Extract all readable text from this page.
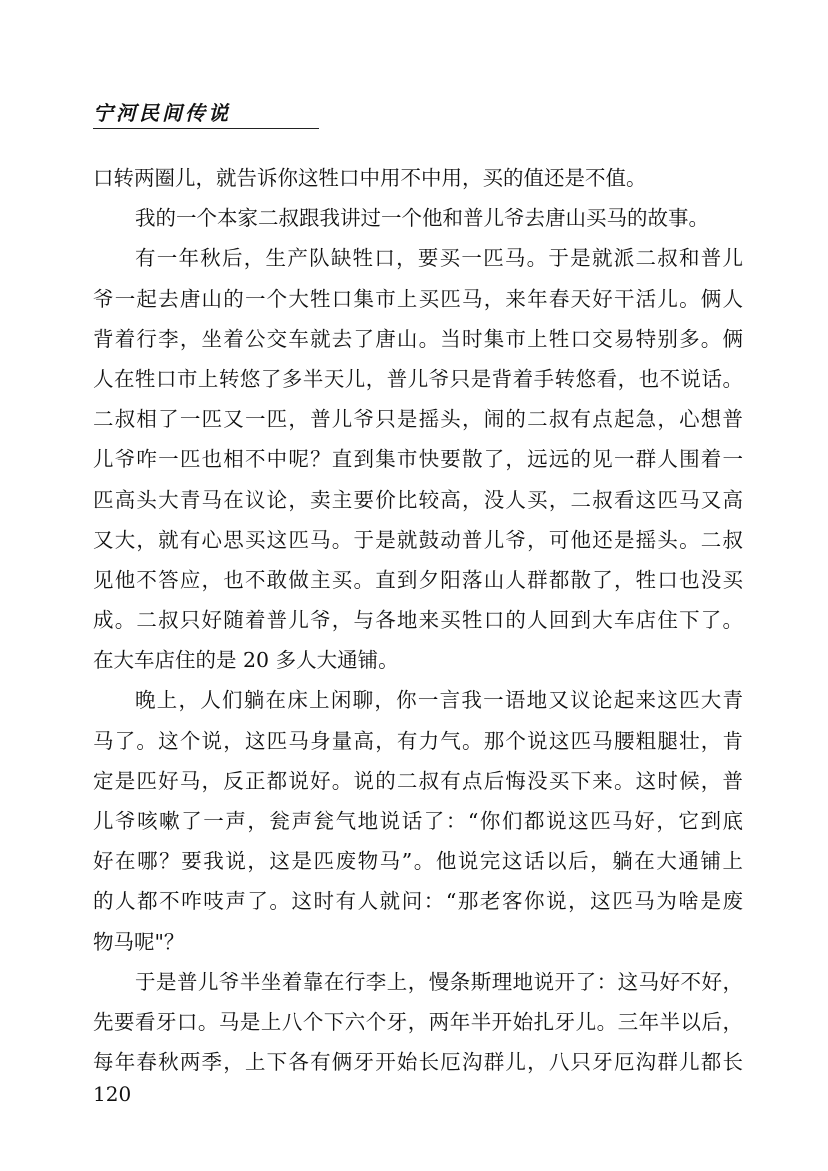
宁河民间传说
口转两圈儿，就告诉你这牲口中用不中用，买的值还是不值。
我的一个本家二叔跟我讲过一个他和普儿爷去唐山买马的故事。
有一年秋后，生产队缺牲口，要买一匹马。于是就派二叔和普儿
爷一起去唐山的一个大牲口集市上买匹马，来年春天好干活儿。俩人
背着行李，坐着公交车就去了唐山。当时集市上牲口交易特别多。俩
人在牲口市上转悠了多半天儿，普儿爷只是背着手转悠看，也不说话。
二叔相了一匹又一匹，普儿爷只是摇头，闹的二叔有点起急，心想普
儿爷咋一匹也相不中呢？直到集市快要散了，远远的见一群人围着一
匹高头大青马在议论，卖主要价比较高，没人买，二叔看这匹马又高
又大，就有心思买这匹马。于是就鼓动普儿爷，可他还是摇头。二叔
见他不答应，也不敢做主买。直到夕阳落山人群都散了，牲口也没买
成。二叔只好随着普儿爷，与各地来买牲口的人回到大车店住下了。
在大车店住的是 20 多人大通铺。
晚上，人们躺在床上闲聊，你一言我一语地又议论起来这匹大青
马了。这个说，这匹马身量高，有力气。那个说这匹马腰粗腿壮，肯
定是匹好马，反正都说好。说的二叔有点后悔没买下来。这时候，普
儿爷咳嗽了一声，瓮声瓮气地说话了：“你们都说这匹马好，它到底
好在哪？要我说，这是匹废物马”。他说完这话以后，躺在大通铺上
的人都不咋吱声了。这时有人就问：“那老客你说，这匹马为啥是废
物马呢"？
于是普儿爷半坐着靠在行李上，慢条斯理地说开了：这马好不好，
先要看牙口。马是上八个下六个牙，两年半开始扎牙儿。三年半以后，
每年春秋两季，上下各有俩牙开始长厄沟群儿，八只牙厄沟群儿都长
120
